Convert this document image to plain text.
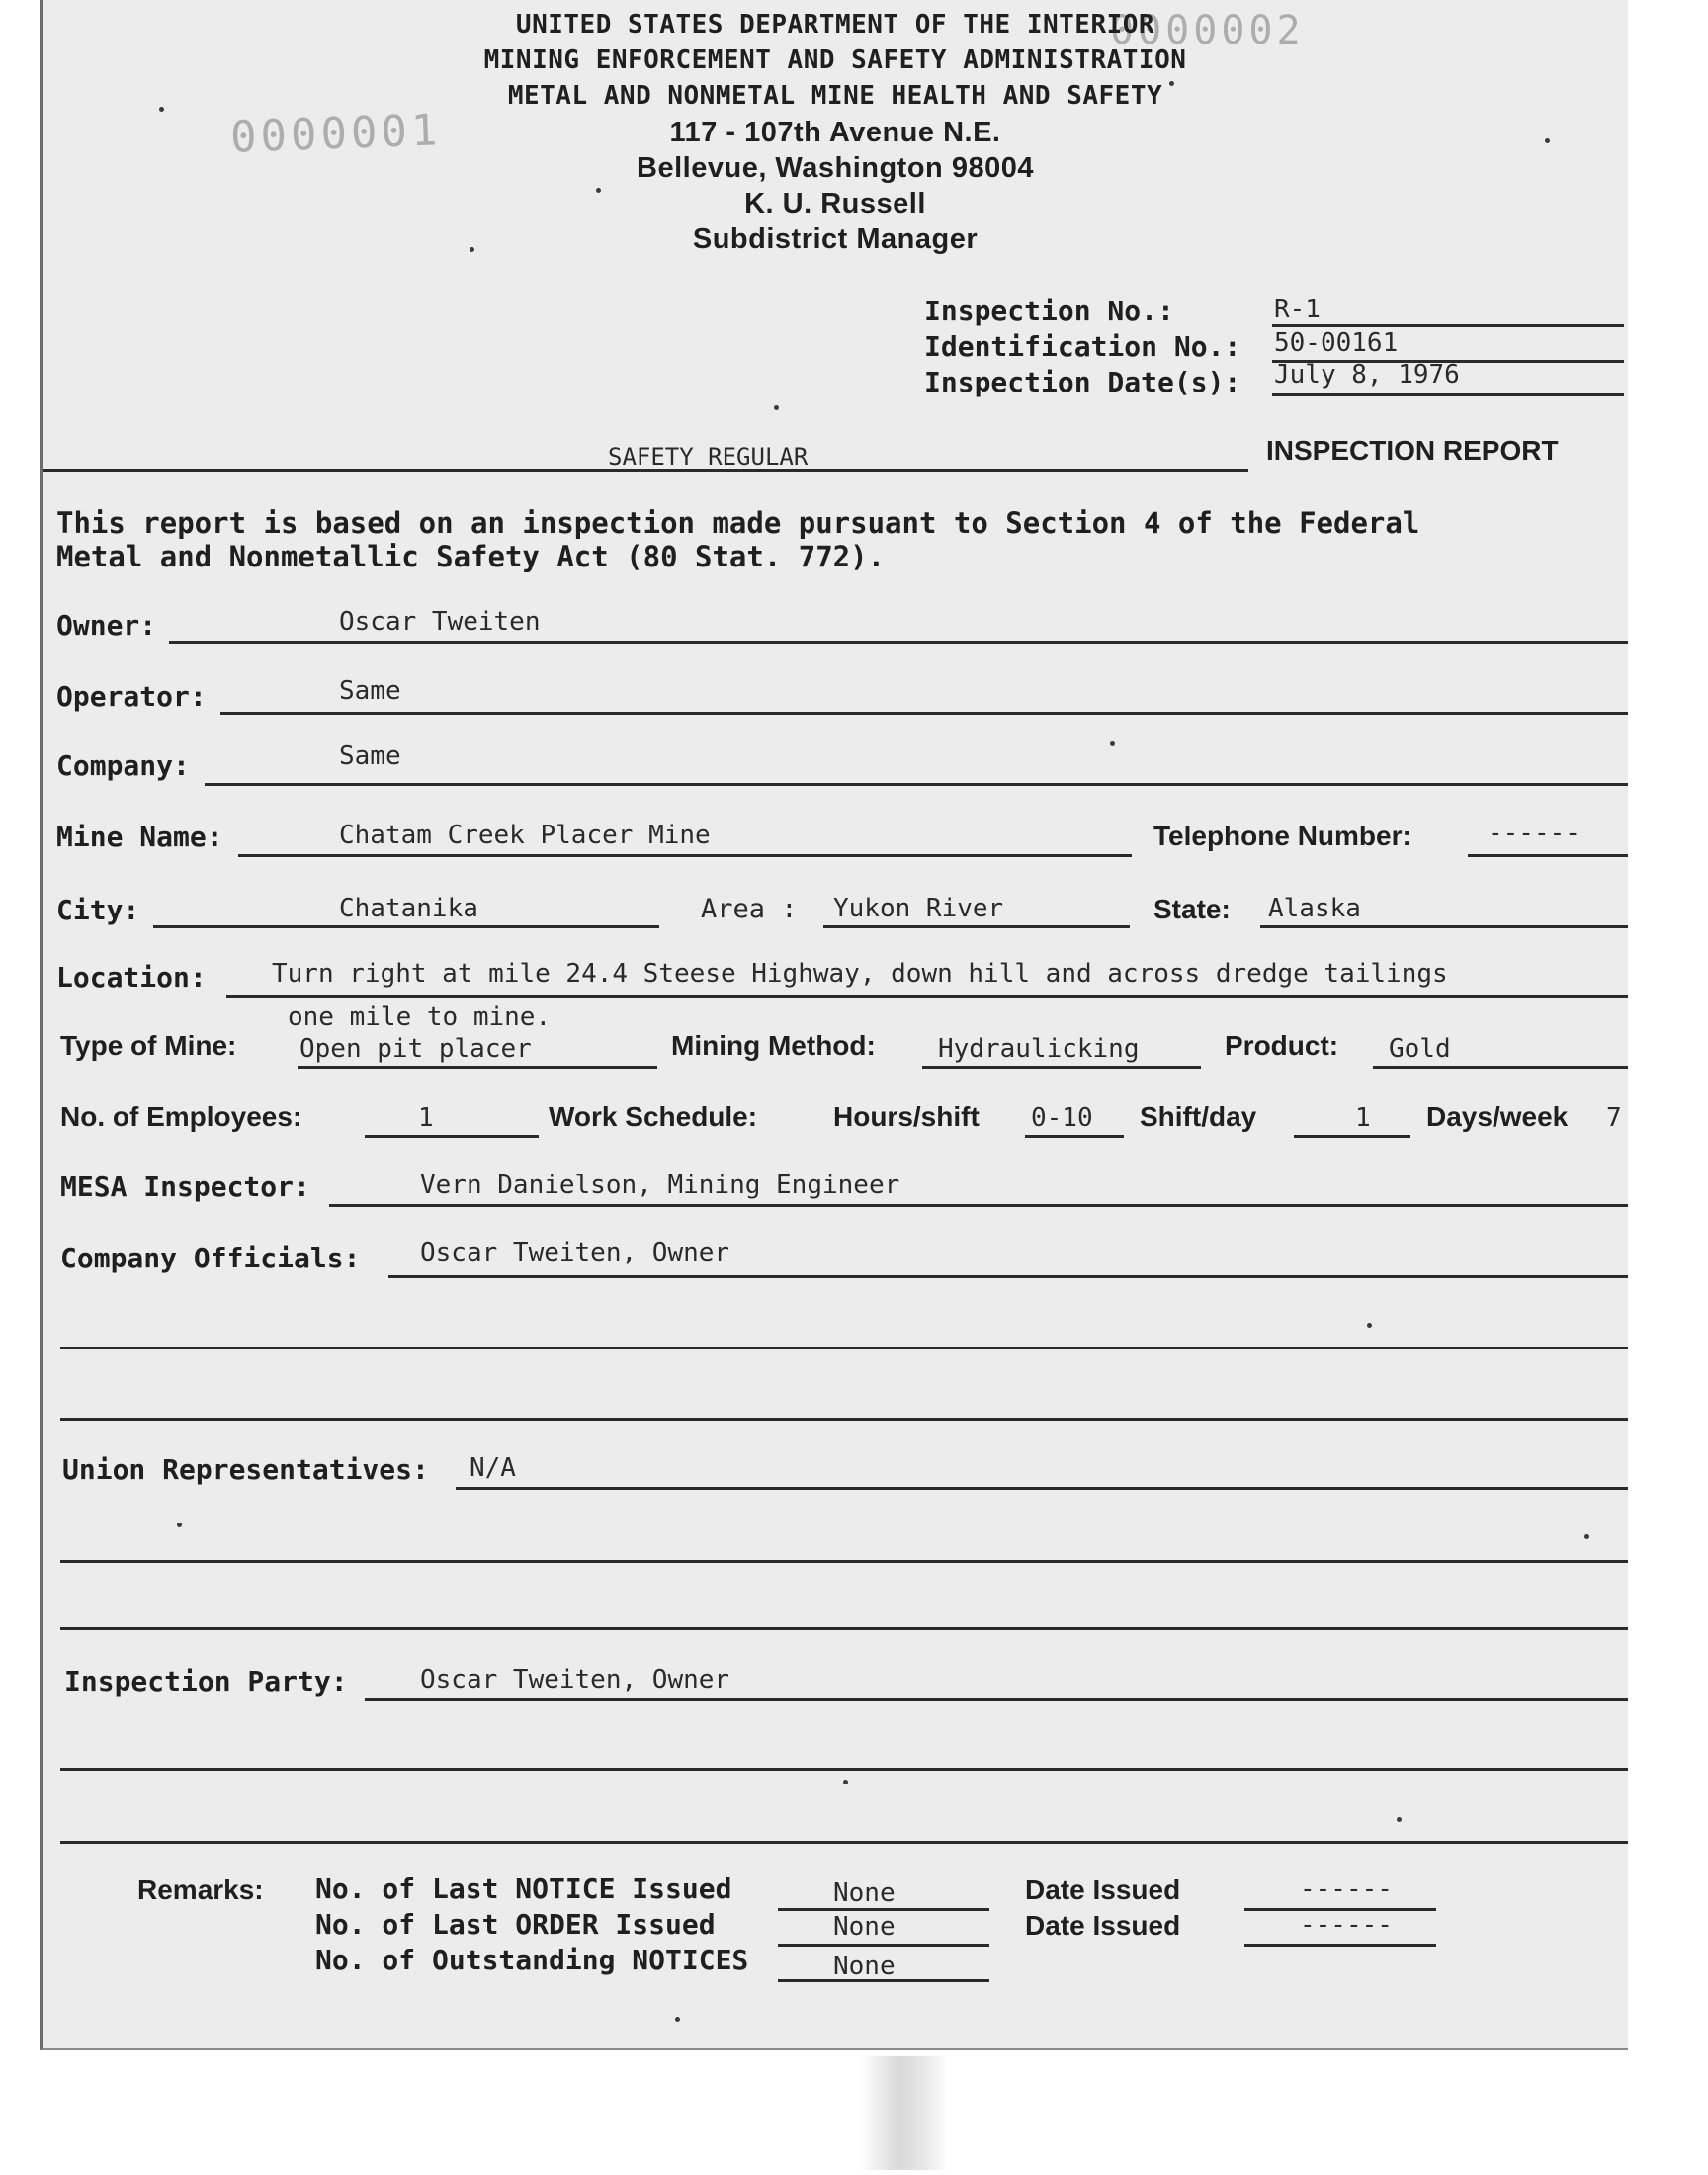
0000001
0000002
UNITED STATES DEPARTMENT OF THE INTERIOR
MINING ENFORCEMENT AND SAFETY ADMINISTRATION
METAL AND NONMETAL MINE HEALTH AND SAFETY
117 - 107th Avenue N.E.
Bellevue, Washington 98004
K. U. Russell
Subdistrict Manager
Inspection No.:	R-1
Identification No.: 50-00161
Inspection Date(s): July 8, 1976
SAFETY REGULAR	INSPECTION REPORT
This report is based on an inspection made pursuant to Section 4 of the Federal
Metal and Nonmetallic Safety Act (80 Stat. 772).
Owner:	Oscar Tweiten
Operator:	Same
Company:	Same
Mine Name:	Chatam Creek Placer Mine	Telephone Number:	------
City:	Chatanika	Area : Yukon River	State: Alaska
Location:	Turn right at mile 24.4 Steese Highway, down hill and across dredge tailings
one mile to mine.
Type of Mine: Open pit placer	Mining Method: Hydraulicking	Product: Gold
No. of Employees:	1	Work Schedule:	Hours/shift 0-10 Shift/day	1 Days/week 7
MESA Inspector:	Vern Danielson, Mining Engineer
Company Officials: Oscar Tweiten, Owner
Union Representatives: N/A
Inspection Party:	Oscar Tweiten, Owner
Remarks: No. of Last NOTICE Issued	None	Date Issued	------
No. of Last ORDER Issued	None	Date Issued	------
No. of Outstanding NOTICES	None
